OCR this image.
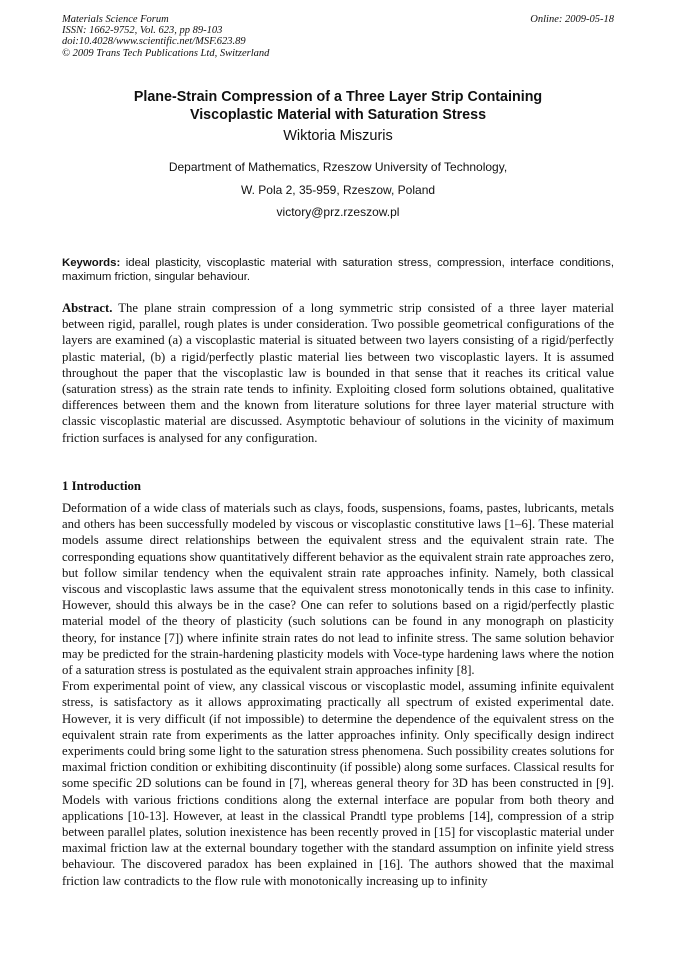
Materials Science Forum
ISSN: 1662-9752, Vol. 623, pp 89-103
doi:10.4028/www.scientific.net/MSF.623.89
© 2009 Trans Tech Publications Ltd, Switzerland
Online: 2009-05-18
Plane-Strain Compression of a Three Layer Strip Containing
Viscoplastic Material with Saturation Stress
Wiktoria Miszuris
Department of Mathematics, Rzeszow University of Technology,
W. Pola 2, 35-959, Rzeszow, Poland
victory@prz.rzeszow.pl
Keywords: ideal plasticity, viscoplastic material with saturation stress, compression, interface conditions, maximum friction, singular behaviour.
Abstract. The plane strain compression of a long symmetric strip consisted of a three layer material between rigid, parallel, rough plates is under consideration. Two possible geometrical configurations of the layers are examined (a) a viscoplastic material is situated between two layers consisting of a rigid/perfectly plastic material, (b) a rigid/perfectly plastic material lies between two viscoplastic layers. It is assumed throughout the paper that the viscoplastic law is bounded in that sense that it reaches its critical value (saturation stress) as the strain rate tends to infinity. Exploiting closed form solutions obtained, qualitative differences between them and the known from literature solutions for three layer material structure with classic viscoplastic material are discussed. Asymptotic behaviour of solutions in the vicinity of maximum friction surfaces is analysed for any configuration.
1 Introduction

Deformation of a wide class of materials such as clays, foods, suspensions, foams, pastes, lubricants, metals and others has been successfully modeled by viscous or viscoplastic constitutive laws [1–6]. These material models assume direct relationships between the equivalent stress and the equivalent strain rate. The corresponding equations show quantitatively different behavior as the equivalent strain rate approaches zero, but follow similar tendency when the equivalent strain rate approaches infinity. Namely, both classical viscous and viscoplastic laws assume that the equivalent stress monotonically tends in this case to infinity. However, should this always be in the case? One can refer to solutions based on a rigid/perfectly plastic material model of the theory of plasticity (such solutions can be found in any monograph on plasticity theory, for instance [7]) where infinite strain rates do not lead to infinite stress. The same solution behavior may be predicted for the strain-hardening plasticity models with Voce-type hardening laws where the notion of a saturation stress is postulated as the equivalent strain approaches infinity [8].

From experimental point of view, any classical viscous or viscoplastic model, assuming infinite equivalent stress, is satisfactory as it allows approximating practically all spectrum of existed experimental date. However, it is very difficult (if not impossible) to determine the dependence of the equivalent stress on the equivalent strain rate from experiments as the latter approaches infinity. Only specifically design indirect experiments could bring some light to the saturation stress phenomena. Such possibility creates solutions for maximal friction condition or exhibiting discontinuity (if possible) along some surfaces. Classical results for some specific 2D solutions can be found in [7], whereas general theory for 3D has been constructed in [9]. Models with various frictions conditions along the external interface are popular from both theory and applications [10-13]. However, at least in the classical Prandtl type problems [14], compression of a strip between parallel plates, solution inexistence has been recently proved in [15] for viscoplastic material under maximal friction law at the external boundary together with the standard assumption on infinite yield stress behaviour. The discovered paradox has been explained in [16]. The authors showed that the maximal friction law contradicts to the flow rule with monotonically increasing up to infinity
